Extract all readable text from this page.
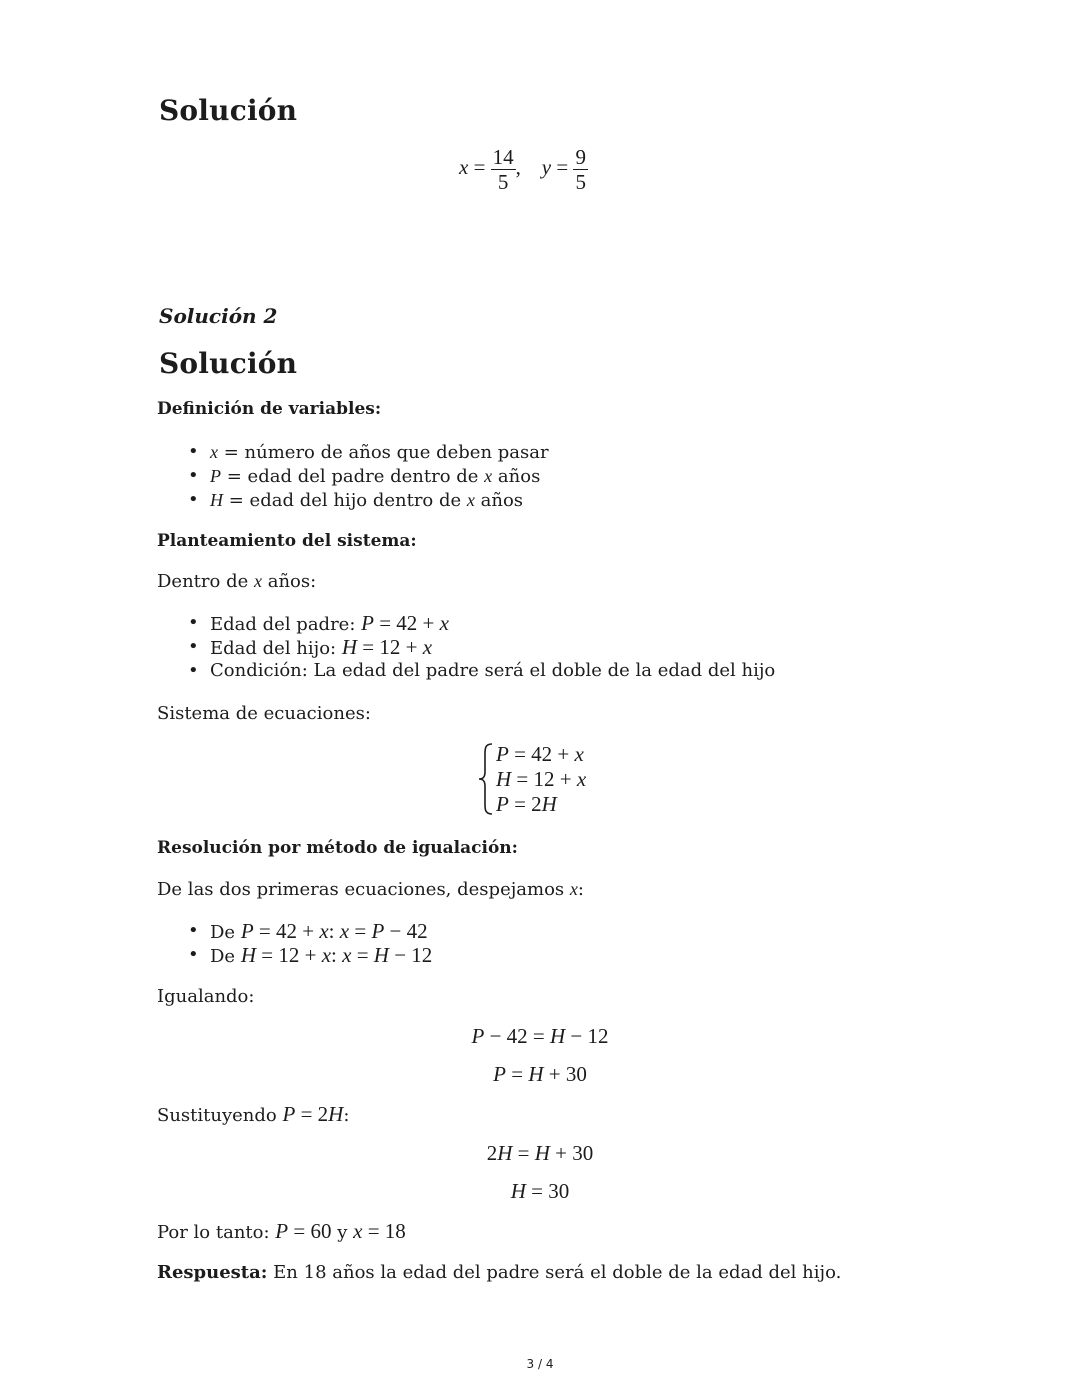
Solución
$x = \frac{14}{5}$ ,    $y = \frac{9}{5}$
Solución 2
Solución
Definición de variables:
• x = número de años que deben pasar
• P = edad del padre dentro de x años
• H = edad del hijo dentro de x años
Planteamiento del sistema:
Dentro de x años:
• Edad del padre: P = 42 + x
• Edad del hijo: H = 12 + x
• Condición: La edad del padre será el doble de la edad del hijo
Sistema de ecuaciones:
P = 42 + x
H = 12 + x
P = 2H
Resolución por método de igualación:
De las dos primeras ecuaciones, despejamos x:
• De P = 42 + x: x = P − 42
• De H = 12 + x: x = H − 12
Igualando:
P − 42 = H − 12
P = H + 30
Sustituyendo P = 2H:
2H = H + 30
H = 30
Por lo tanto: P = 60 y x = 18
Respuesta: En 18 años la edad del padre será el doble de la edad del hijo.
3 / 4
